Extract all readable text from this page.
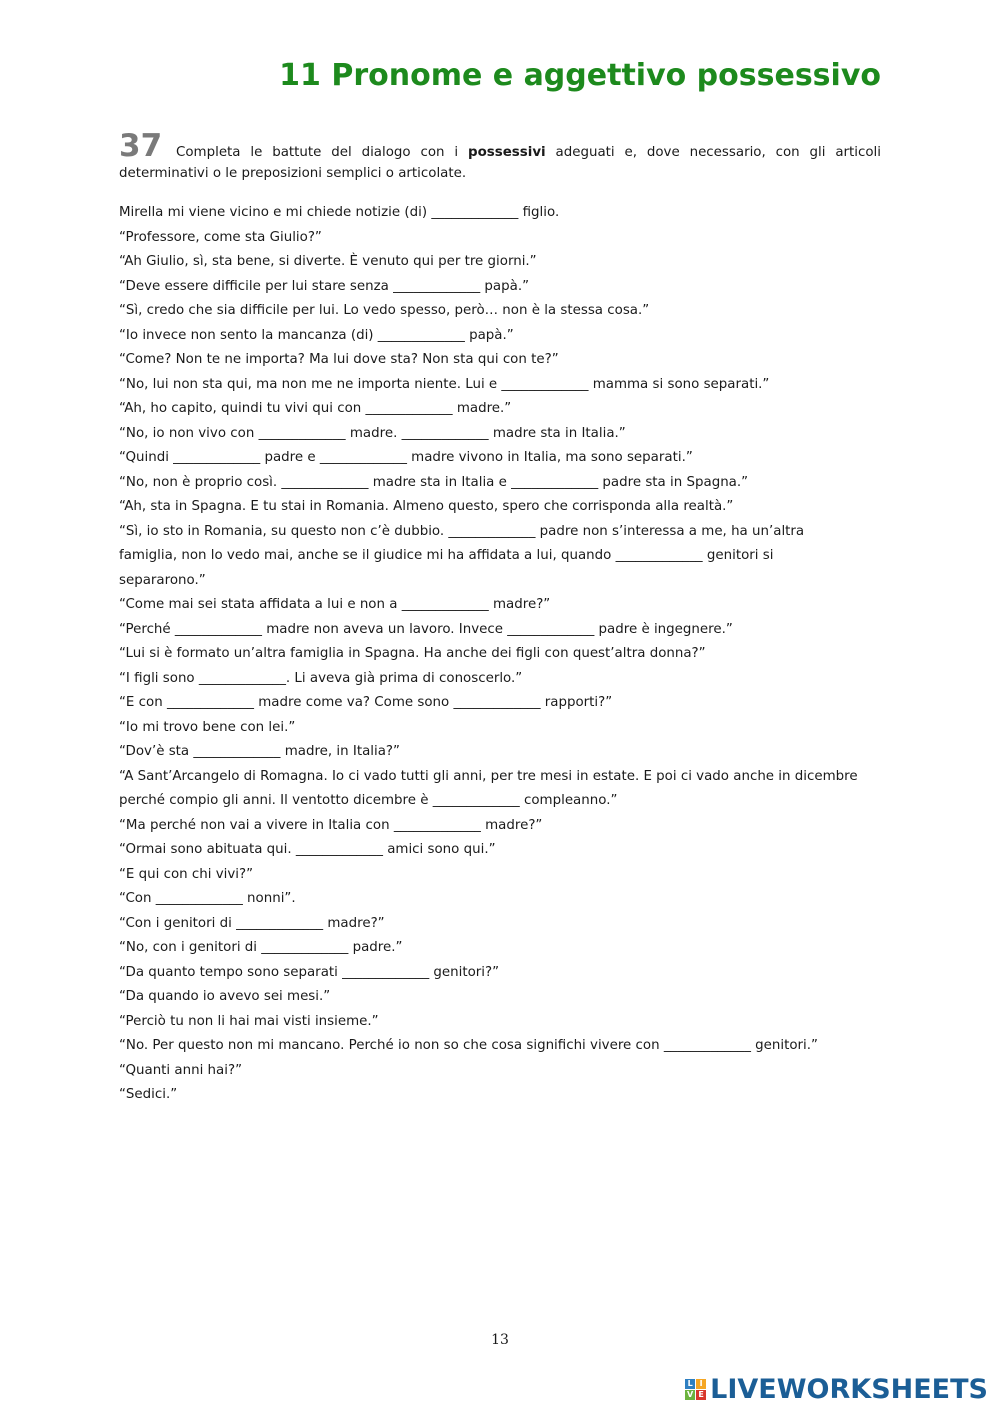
11 Pronome e aggettivo possessivo

37 Completa le battute del dialogo con i possessivi adeguati e, dove necessario, con gli articoli determinativi o le preposizioni semplici o articolate.

Mirella mi viene vicino e mi chiede notizie (di) _____________ figlio.
“Professore, come sta Giulio?”
“Ah Giulio, sì, sta bene, si diverte. È venuto qui per tre giorni.”
“Deve essere difficile per lui stare senza _____________ papà.”
“Sì, credo che sia difficile per lui. Lo vedo spesso, però… non è la stessa cosa.”
“Io invece non sento la mancanza (di) _____________ papà.”
“Come? Non te ne importa? Ma lui dove sta? Non sta qui con te?”
“No, lui non sta qui, ma non me ne importa niente. Lui e _____________ mamma si sono separati.”
“Ah, ho capito, quindi tu vivi qui con _____________ madre.”
“No, io non vivo con _____________ madre. _____________ madre sta in Italia.”
“Quindi _____________ padre e _____________ madre vivono in Italia, ma sono separati.”
“No, non è proprio così. _____________ madre sta in Italia e _____________ padre sta in Spagna.”
“Ah, sta in Spagna. E tu stai in Romania. Almeno questo, spero che corrisponda alla realtà.”
“Sì, io sto in Romania, su questo non c’è dubbio. _____________ padre non s’interessa a me, ha un’altra
famiglia, non lo vedo mai, anche se il giudice mi ha affidata a lui, quando _____________ genitori si
separarono.”
“Come mai sei stata affidata a lui e non a _____________ madre?”
“Perché _____________ madre non aveva un lavoro. Invece _____________ padre è ingegnere.”
“Lui si è formato un’altra famiglia in Spagna. Ha anche dei figli con quest’altra donna?”
“I figli sono _____________. Li aveva già prima di conoscerlo.”
“E con _____________ madre come va? Come sono _____________ rapporti?”
“Io mi trovo bene con lei.”
“Dov’è sta _____________ madre, in Italia?”
“A Sant’Arcangelo di Romagna. Io ci vado tutti gli anni, per tre mesi in estate. E poi ci vado anche in dicembre
perché compio gli anni. Il ventotto dicembre è _____________ compleanno.”
“Ma perché non vai a vivere in Italia con _____________ madre?”
“Ormai sono abituata qui. _____________ amici sono qui.”
“E qui con chi vivi?”
“Con _____________ nonni”.
“Con i genitori di _____________ madre?”
“No, con i genitori di _____________ padre.”
“Da quanto tempo sono separati _____________ genitori?”
“Da quando io avevo sei mesi.”
“Perciò tu non li hai mai visti insieme.”
“No. Per questo non mi mancano. Perché io non so che cosa significhi vivere con _____________ genitori.”
“Quanti anni hai?”
“Sedici.”
13
L I
V E LIVEWORKSHEETS
